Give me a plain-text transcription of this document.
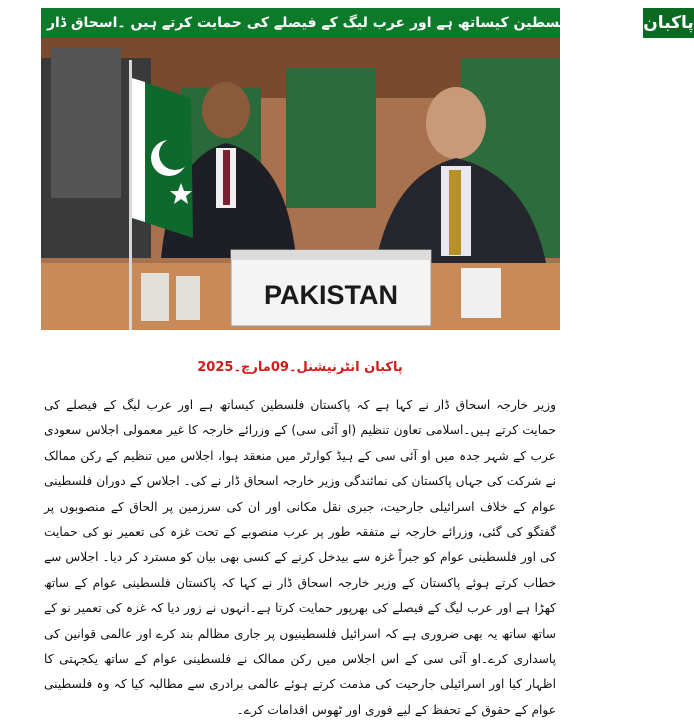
پاکبان
پاکستان فلسطین کیساتھ ہے اور عرب لیگ کے فیصلے کی حمایت کرتے ہیں ۔اسحاق ڈار
PAKISTAN
پاکبان انٹرنیشنل۔09مارچ۔2025

وزیر خارجہ اسحاق ڈار نے کہا ہے کہ پاکستان فلسطین کیساتھ ہے اور عرب لیگ کے فیصلے کی حمایت کرتے ہیں۔اسلامی تعاون تنظیم (او آئی سی) کے وزرائے خارجہ کا غیر معمولی اجلاس سعودی عرب کے شہر جدہ میں او آئی سی کے ہیڈ کوارٹر میں منعقد ہوا، اجلاس میں تنظیم کے رکن ممالک نے شرکت کی جہاں پاکستان کی نمائندگی وزیر خارجہ اسحاق ڈار نے کی۔ اجلاس کے دوران فلسطینی عوام کے خلاف اسرائیلی جارحیت، جبری نقل مکانی اور ان کی سرزمین پر الحاق کے منصوبوں پر گفتگو کی گئی، وزرائے خارجہ نے متفقہ طور پر عرب منصوبے کے تحت غزہ کی تعمیر نو کی حمایت کی اور فلسطینی عوام کو جبراً غزہ سے بیدخل کرنے کے کسی بھی بیان کو مسترد کر دیا۔ اجلاس سے خطاب کرتے ہوئے پاکستان کے وزیر خارجہ اسحاق ڈار نے کہا کہ پاکستان فلسطینی عوام کے ساتھ کھڑا ہے اور عرب لیگ کے فیصلے کی بھرپور حمایت کرتا ہے۔انہوں نے زور دیا کہ غزہ کی تعمیر نو کے ساتھ ساتھ یہ بھی ضروری ہے کہ اسرائیل فلسطینیوں پر جاری مظالم بند کرے اور عالمی قوانین کی پاسداری کرے۔او آئی سی کے اس اجلاس میں رکن ممالک نے فلسطینی عوام کے ساتھ یکجہتی کا اظہار کیا اور اسرائیلی جارحیت کی مذمت کرتے ہوئے عالمی برادری سے مطالبہ کیا کہ وہ فلسطینی عوام کے حقوق کے تحفظ کے لیے فوری اور ٹھوس اقدامات کرے۔
